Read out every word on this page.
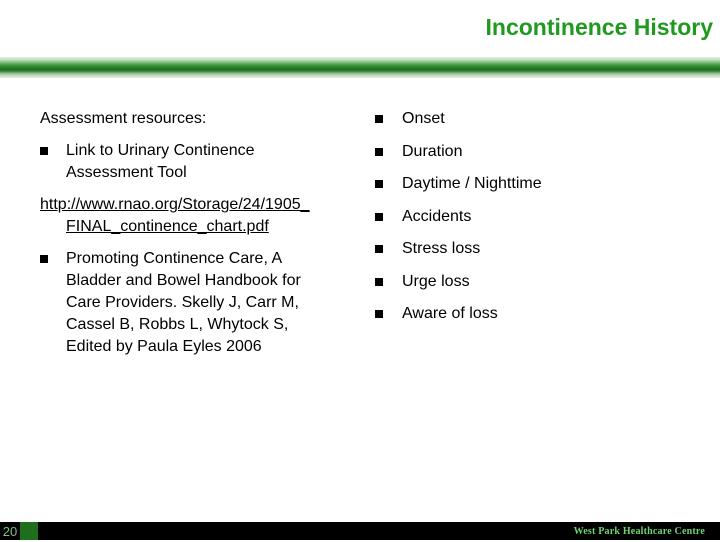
Incontinence History
Assessment resources:
Link to Urinary Continence
Assessment Tool
http://www.rnao.org/Storage/24/1905_
FINAL_continence_chart.pdf
Promoting Continence Care, A
Bladder and Bowel Handbook for
Care Providers. Skelly J, Carr M,
Cassel B, Robbs L, Whytock S,
Edited by Paula Eyles 2006
Onset
Duration
Daytime / Nighttime
Accidents
Stress loss
Urge loss
Aware of loss
20	West Park Healthcare Centre
